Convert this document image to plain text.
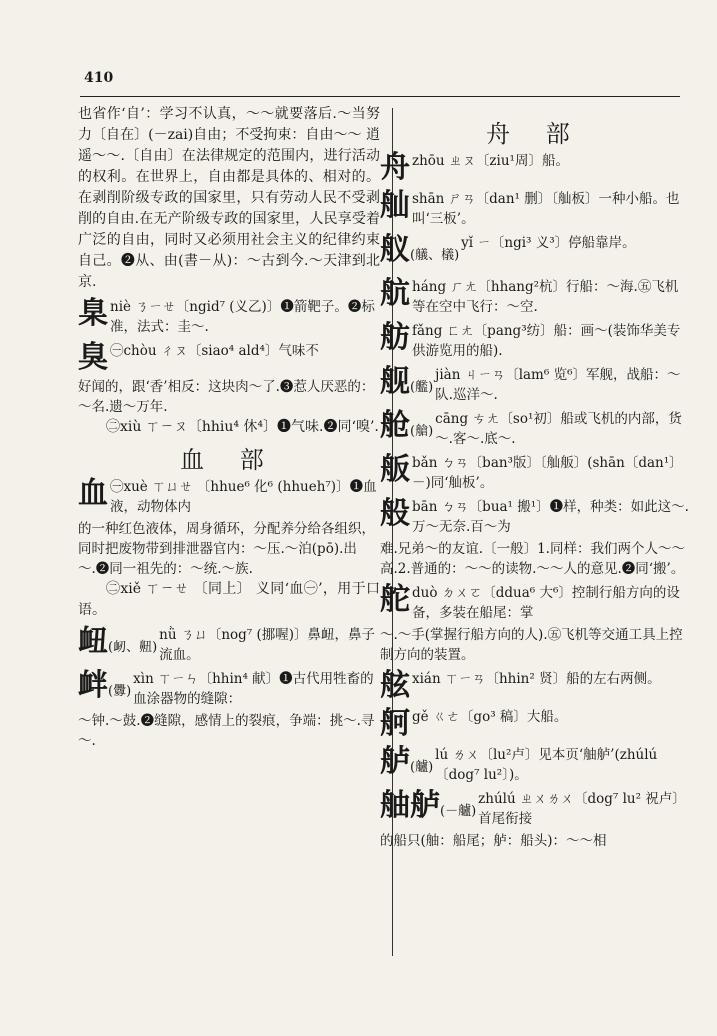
410

也省作‘自’：学习不认真，～～就要落后.～当努力〔自在〕(－zai)自由；不受拘束：自由～～ 逍遥～～.〔自由〕在法律规定的范围内，进行活动的权利。在世界上，自由都是具体的、相对的。在剥削阶级专政的国家里，只有劳动人民不受剥削的自由.在无产阶级专政的国家里，人民享受着广泛的自由，同时又必须用社会主义的纪律约束自己。❷从、由(書－从)：～古到今.～天津到北京.

臬 niè ㄋㄧㄝ〔ngid⁷ (义乙)〕❶箭靶子。❷标准，法式：圭～.
臭 ㊀chòu ㄔㄡ〔siao⁴ ald⁴〕气味不

好闻的，跟‘香’相反：这块肉～了.❸惹人厌恶的：～名.遗～万年.

㊁xiù ㄒㄧㄡ〔hhiu⁴ 休⁴〕❶气味.❷同‘嗅’.

血 部
血 ㊀xuè ㄒㄩㄝ 〔hhue⁶ 化⁶ (hhueh⁷)〕❶血液，动物体内

的一种红色液体，周身循环，分配养分给各组织，同时把废物带到排泄器官内：～压.～泊(pō).出～.❷同一祖先的：～统.～族.

㊁xiě ㄒㄧㄝ 〔同上〕 义同‘血㊀’，用于口语。

衄(衂、䶊)
nǜ ㄋㄩ〔nog⁷ (挪喔)〕鼻衄，鼻子流血。
衅(釁)
xìn ㄒㄧㄣ〔hhin⁴ 献〕❶古代用牲畜的血涂器物的缝隙：

～钟.～鼓.❷缝隙，感情上的裂痕，争端：挑～.寻～.

舟 部
舟 zhōu ㄓㄡ〔ziu¹周〕船。
舢 shān ㄕㄢ〔dan¹ 删〕〔舢板〕一种小船。也叫‘三板’。
舣(艤、檥)
yǐ ㄧ〔ngi³ 义³〕停船靠岸。
航 háng ㄏㄤ〔hhang²杭〕行船：～海.㊄飞机等在空中飞行：～空.
舫 fǎng ㄈㄤ〔pang³纺〕船：画～(装饰华美专供游览用的船).
舰(艦)
jiàn ㄐㄧㄢ〔lam⁶ 览⁶〕军舰，战船：～队.巡洋～.
舱(艙)
cāng ㄘㄤ〔so¹初〕船或飞机的内部，货～.客～.底～.
舨 bǎn ㄅㄢ〔ban³版〕〔舢舨〕(shān〔dan¹〕－)同‘舢板’。
般 bān ㄅㄢ〔bua¹ 搬¹〕❶样，种类：如此这～.万～无奈.百～为

难.兄弟～的友谊.〔一般〕1.同样：我们两个人～～高.2.普通的：～～的读物.～～人的意见.❷同‘搬’。

舵 duò ㄉㄨㄛ〔ddua⁶ 大⁶〕控制行船方向的设备，多装在船尾：掌

～.～手(掌握行船方向的人).㊄飞机等交通工具上控制方向的装置。

舷 xián ㄒㄧㄢ〔hhin² 贤〕船的左右两侧。
舸 gě ㄍㄜ〔go³ 稿〕大船。
舻(艫)
lú ㄌㄨ〔lu²卢〕见本页‘舳舻’(zhúlú〔dog⁷ lu²〕)。
舳舻(－艫)
zhúlú ㄓㄨㄌㄨ〔dog⁷ lu² 祝卢〕首尾衔接

的船只(舳：船尾；舻：船头)：～～相
